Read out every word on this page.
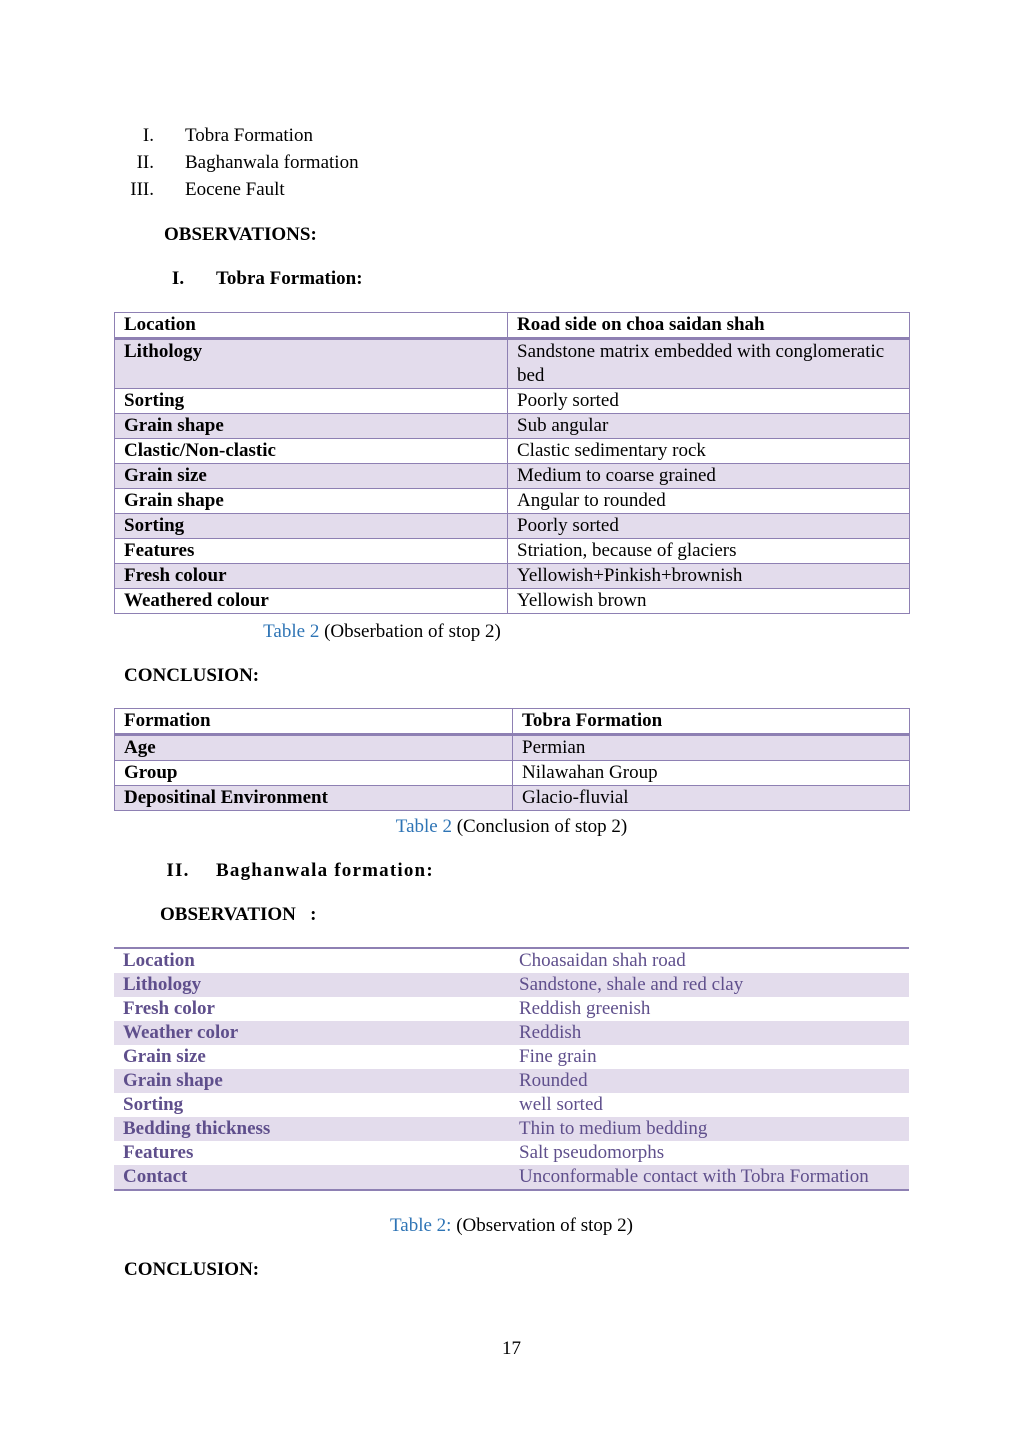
I. Tobra Formation
II. Baghanwala formation
III. Eocene Fault
OBSERVATIONS:
I.	Tobra Formation:
Location	Road side on choa saidan shah
Lithology	Sandstone matrix embedded with conglomeratic bed
Sorting	Poorly sorted
Grain shape	Sub angular
Clastic/Non-clastic	Clastic sedimentary rock
Grain size	Medium to coarse grained
Grain shape	Angular to rounded
Sorting	Poorly sorted
Features	Striation, because of glaciers
Fresh colour	Yellowish+Pinkish+brownish
Weathered colour	Yellowish brown
Table 2 (Obserbation of stop 2)
CONCLUSION:
Formation	Tobra Formation
Age	Permian
Group	Nilawahan Group
Depositinal Environment	Glacio-fluvial
Table 2 (Conclusion of stop 2)
II.	Baghanwala formation:
OBSERVATION   :
Location	Choasaidan shah road
Lithology	Sandstone, shale and red clay
Fresh color	Reddish greenish
Weather color	Reddish
Grain size	Fine grain
Grain shape	Rounded
Sorting	well sorted
Bedding thickness	Thin to medium bedding
Features	Salt pseudomorphs
Contact	Unconformable contact with Tobra Formation
Table 2: (Observation of stop 2)
CONCLUSION:
17
